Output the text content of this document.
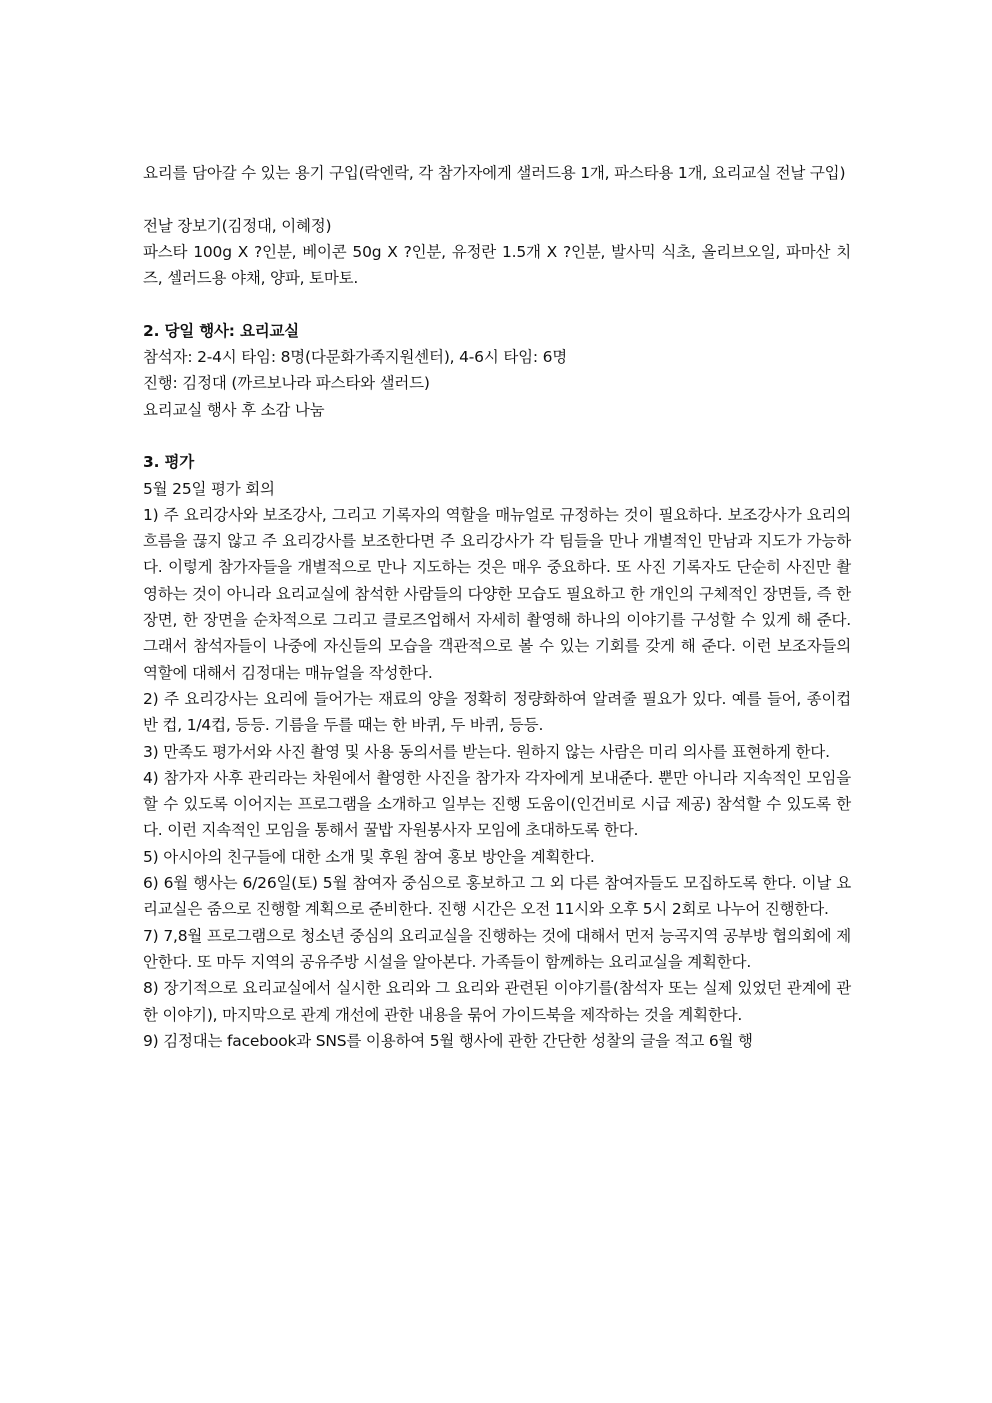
요리를 담아갈 수 있는 용기 구입(락엔락, 각 참가자에게 샐러드용 1개, 파스타용 1개, 요리교실 전날 구입)

전날 장보기(김정대, 이혜정)

파스타 100g X ?인분, 베이콘 50g X ?인분, 유정란 1.5개 X ?인분, 발사믹 식초, 올리브오일, 파마산 치즈, 셀러드용 야채, 양파, 토마토.

2. 당일 행사: 요리교실

참석자: 2-4시 타임: 8명(다문화가족지원센터), 4-6시 타임: 6명

진행: 김정대 (까르보나라 파스타와 샐러드)

요리교실 행사 후 소감 나눔

3. 평가

5월 25일 평가 회의

1) 주 요리강사와 보조강사, 그리고 기록자의 역할을 매뉴얼로 규정하는 것이 필요하다. 보조강사가 요리의 흐름을 끊지 않고 주 요리강사를 보조한다면 주 요리강사가 각 팀들을 만나 개별적인 만남과 지도가 가능하다. 이렇게 참가자들을 개별적으로 만나 지도하는 것은 매우 중요하다. 또 사진 기록자도 단순히 사진만 촬영하는 것이 아니라 요리교실에 참석한 사람들의 다양한 모습도 필요하고 한 개인의 구체적인 장면들, 즉 한 장면, 한 장면을 순차적으로 그리고 클로즈업해서 자세히 촬영해 하나의 이야기를 구성할 수 있게 해 준다. 그래서 참석자들이 나중에 자신들의 모습을 객관적으로 볼 수 있는 기회를 갖게 해 준다. 이런 보조자들의 역할에 대해서 김정대는 매뉴얼을 작성한다.

2) 주 요리강사는 요리에 들어가는 재료의 양을 정확히 정량화하여 알려줄 필요가 있다. 예를 들어, 종이컵 반 컵, 1/4컵, 등등. 기름을 두를 때는 한 바퀴, 두 바퀴, 등등.

3) 만족도 평가서와 사진 촬영 및 사용 동의서를 받는다. 원하지 않는 사람은 미리 의사를 표현하게 한다.

4) 참가자 사후 관리라는 차원에서 촬영한 사진을 참가자 각자에게 보내준다. 뿐만 아니라 지속적인 모임을 할 수 있도록 이어지는 프로그램을 소개하고 일부는 진행 도움이(인건비로 시급 제공) 참석할 수 있도록 한다. 이런 지속적인 모임을 통해서 꿀밥 자원봉사자 모임에 초대하도록 한다.

5) 아시아의 친구들에 대한 소개 및 후원 참여 홍보 방안을 계획한다.

6) 6월 행사는 6/26일(토) 5월 참여자 중심으로 홍보하고 그 외 다른 참여자들도 모집하도록 한다. 이날 요리교실은 줌으로 진행할 계획으로 준비한다. 진행 시간은 오전 11시와 오후 5시 2회로 나누어 진행한다.

7) 7,8월 프로그램으로 청소년 중심의 요리교실을 진행하는 것에 대해서 먼저 능곡지역 공부방 협의회에 제안한다. 또 마두 지역의 공유주방 시설을 알아본다. 가족들이 함께하는 요리교실을 계획한다.

8) 장기적으로 요리교실에서 실시한 요리와 그 요리와 관련된 이야기를(참석자 또는 실제 있었던 관계에 관한 이야기), 마지막으로 관계 개선에 관한 내용을 묶어 가이드북을 제작하는 것을 계획한다.

9) 김정대는 facebook과 SNS를 이용하여 5월 행사에 관한 간단한 성찰의 글을 적고 6월 행
